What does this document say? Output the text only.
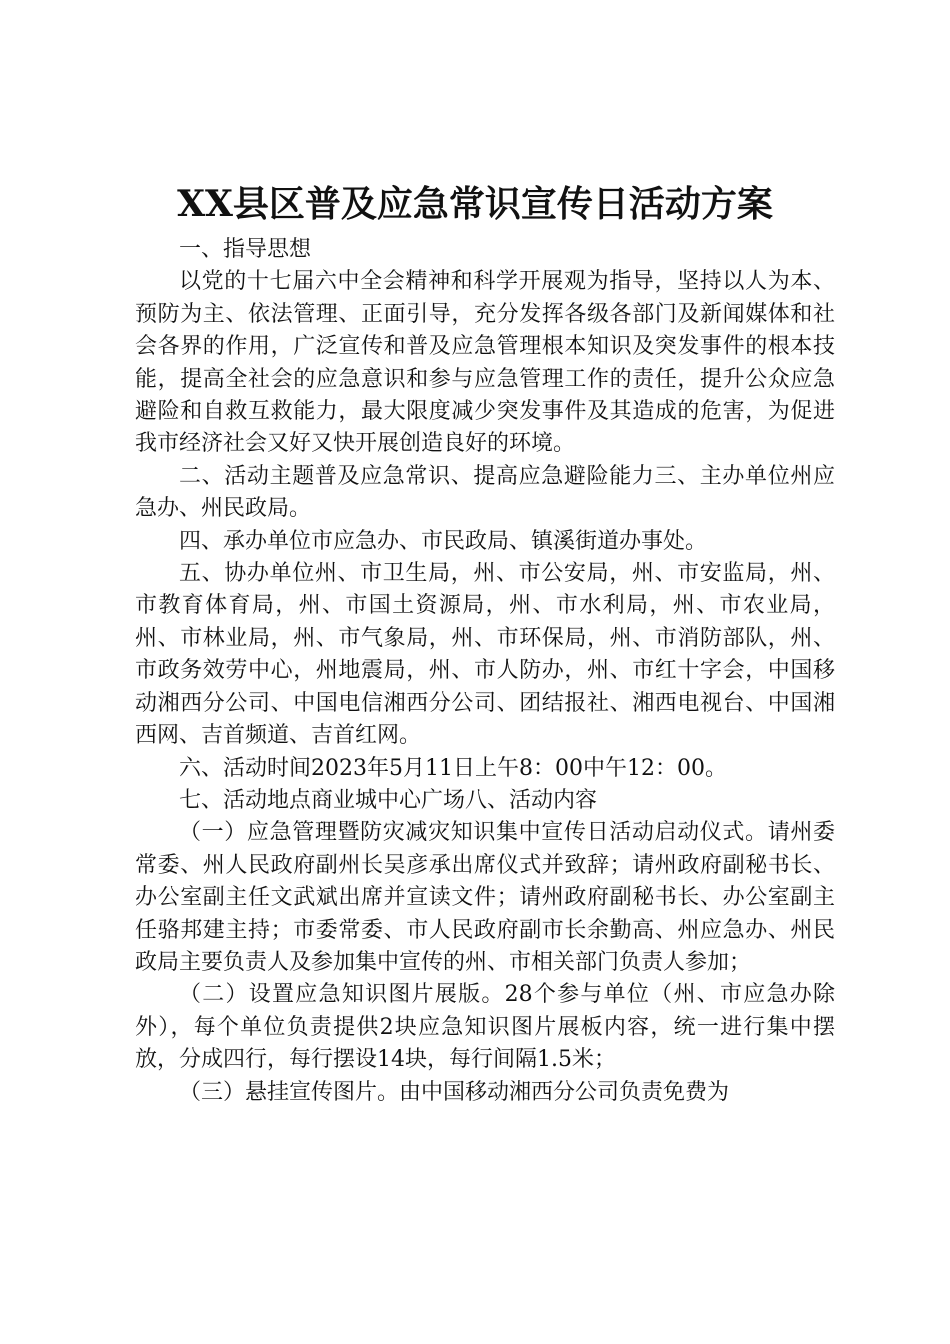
XX县区普及应急常识宣传日活动方案

一、指导思想

以党的十七届六中全会精神和科学开展观为指导，坚持以人为本、预防为主、依法管理、正面引导，充分发挥各级各部门及新闻媒体和社会各界的作用，广泛宣传和普及应急管理根本知识及突发事件的根本技能，提高全社会的应急意识和参与应急管理工作的责任，提升公众应急避险和自救互救能力，最大限度减少突发事件及其造成的危害，为促进我市经济社会又好又快开展创造良好的环境。

二、活动主题普及应急常识、提高应急避险能力三、主办单位州应急办、州民政局。

四、承办单位市应急办、市民政局、镇溪街道办事处。

五、协办单位州、市卫生局，州、市公安局，州、市安监局，州、市教育体育局，州、市国土资源局，州、市水利局，州、市农业局，州、市林业局，州、市气象局，州、市环保局，州、市消防部队，州、市政务效劳中心，州地震局，州、市人防办，州、市红十字会，中国移动湘西分公司、中国电信湘西分公司、团结报社、湘西电视台、中国湘西网、吉首频道、吉首红网。

六、活动时间2023年5月11日上午8：00中午12：00。

七、活动地点商业城中心广场八、活动内容

（一）应急管理暨防灾减灾知识集中宣传日活动启动仪式。请州委常委、州人民政府副州长吴彦承出席仪式并致辞；请州政府副秘书长、办公室副主任文武斌出席并宣读文件；请州政府副秘书长、办公室副主任骆邦建主持；市委常委、市人民政府副市长余勤高、州应急办、州民政局主要负责人及参加集中宣传的州、市相关部门负责人参加；

（二）设置应急知识图片展版。28个参与单位（州、市应急办除外），每个单位负责提供2块应急知识图片展板内容，统一进行集中摆放，分成四行，每行摆设14块，每行间隔1.5米；

（三）悬挂宣传图片。由中国移动湘西分公司负责免费为
